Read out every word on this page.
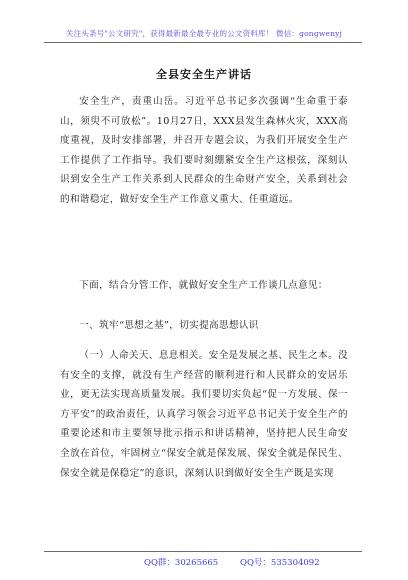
关注头条号"公文研究"，获得最新最全最专业的公文资料库！ 微信：gongwenyj
全县安全生产讲话

安全生产，责重山岳。习近平总书记多次强调“生命重于泰山，须臾不可放松”。10月27日，XXX县发生森林火灾，XXX高度重视，及时安排部署，并召开专题会议，为我们开展安全生产工作提供了工作指导。我们要时刻绷紧安全生产这根弦，深刻认识到安全生产工作关系到人民群众的生命财产安全，关系到社会的和谐稳定，做好安全生产工作意义重大、任重道远。

下面，结合分管工作，就做好安全生产工作谈几点意见：

一、筑牢“思想之基”，切实提高思想认识

（一）人命关天、息息相关。安全是发展之基、民生之本。没有安全的支撑，就没有生产经营的顺利进行和人民群众的安居乐业，更无法实现高质量发展。我们要切实负起“促一方发展、保一方平安”的政治责任，认真学习领会习近平总书记关于安全生产的重要论述和市主要领导批示指示和讲话精神，坚持把人民生命安全放在首位，牢固树立“保安全就是保发展、保安全就是保民生、保安全就是保稳定”的意识，深刻认识到做好安全生产既是实现

QQ群：30265665	QQ号：535304092
